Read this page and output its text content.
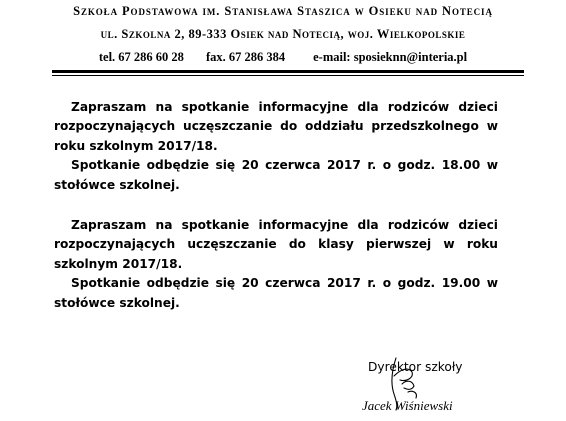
Szkoła Podstawowa im. Stanisława Staszica w Osieku nad Notecią
ul. Szkolna 2, 89-333 Osiek nad Notecią, woj. Wielkopolskie
tel. 67 286 60 28 fax. 67 286 384 e-mail: sposieknn@interia.pl

Zapraszam na spotkanie informacyjne dla rodziców dzieci rozpoczynających uczęszczanie do oddziału przedszkolnego w roku szkolnym 2017/18.

Spotkanie odbędzie się 20 czerwca 2017 r. o godz. 18.00 w stołówce szkolnej.

Zapraszam na spotkanie informacyjne dla rodziców dzieci rozpoczynających uczęszczanie do klasy pierwszej w roku szkolnym 2017/18.

Spotkanie odbędzie się 20 czerwca 2017 r. o godz. 19.00 w stołówce szkolnej.

Dyrektor szkoły
Jacek Wiśniewski
